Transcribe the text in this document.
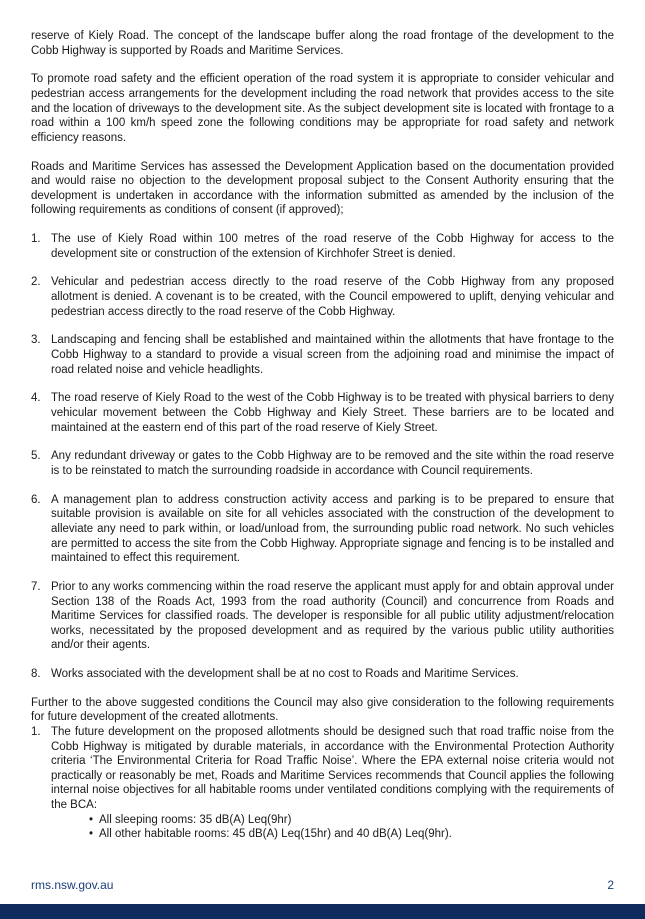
reserve of Kiely Road. The concept of the landscape buffer along the road frontage of the development to the Cobb Highway is supported by Roads and Maritime Services.

To promote road safety and the efficient operation of the road system it is appropriate to consider vehicular and pedestrian access arrangements for the development including the road network that provides access to the site and the location of driveways to the development site. As the subject development site is located with frontage to a road within a 100 km/h speed zone the following conditions may be appropriate for road safety and network efficiency reasons.

Roads and Maritime Services has assessed the Development Application based on the documentation provided and would raise no objection to the development proposal subject to the Consent Authority ensuring that the development is undertaken in accordance with the information submitted as amended by the inclusion of the following requirements as conditions of consent (if approved);

1. The use of Kiely Road within 100 metres of the road reserve of the Cobb Highway for access to the development site or construction of the extension of Kirchhofer Street is denied.

2. Vehicular and pedestrian access directly to the road reserve of the Cobb Highway from any proposed allotment is denied. A covenant is to be created, with the Council empowered to uplift, denying vehicular and pedestrian access directly to the road reserve of the Cobb Highway.

3. Landscaping and fencing shall be established and maintained within the allotments that have frontage to the Cobb Highway to a standard to provide a visual screen from the adjoining road and minimise the impact of road related noise and vehicle headlights.

4. The road reserve of Kiely Road to the west of the Cobb Highway is to be treated with physical barriers to deny vehicular movement between the Cobb Highway and Kiely Street. These barriers are to be located and maintained at the eastern end of this part of the road reserve of Kiely Street.

5. Any redundant driveway or gates to the Cobb Highway are to be removed and the site within the road reserve is to be reinstated to match the surrounding roadside in accordance with Council requirements.

6. A management plan to address construction activity access and parking is to be prepared to ensure that suitable provision is available on site for all vehicles associated with the construction of the development to alleviate any need to park within, or load/unload from, the surrounding public road network. No such vehicles are permitted to access the site from the Cobb Highway. Appropriate signage and fencing is to be installed and maintained to effect this requirement.

7. Prior to any works commencing within the road reserve the applicant must apply for and obtain approval under Section 138 of the Roads Act, 1993 from the road authority (Council) and concurrence from Roads and Maritime Services for classified roads. The developer is responsible for all public utility adjustment/relocation works, necessitated by the proposed development and as required by the various public utility authorities and/or their agents.

8. Works associated with the development shall be at no cost to Roads and Maritime Services.

Further to the above suggested conditions the Council may also give consideration to the following requirements for future development of the created allotments.

1. The future development on the proposed allotments should be designed such that road traffic noise from the Cobb Highway is mitigated by durable materials, in accordance with the Environmental Protection Authority criteria ‘The Environmental Criteria for Road Traffic Noise’. Where the EPA external noise criteria would not practically or reasonably be met, Roads and Maritime Services recommends that Council applies the following internal noise objectives for all habitable rooms under ventilated conditions complying with the requirements of the BCA:

• All sleeping rooms: 35 dB(A) Leq(9hr)
• All other habitable rooms: 45 dB(A) Leq(15hr) and 40 dB(A) Leq(9hr).
rms.nsw.gov.au	2
